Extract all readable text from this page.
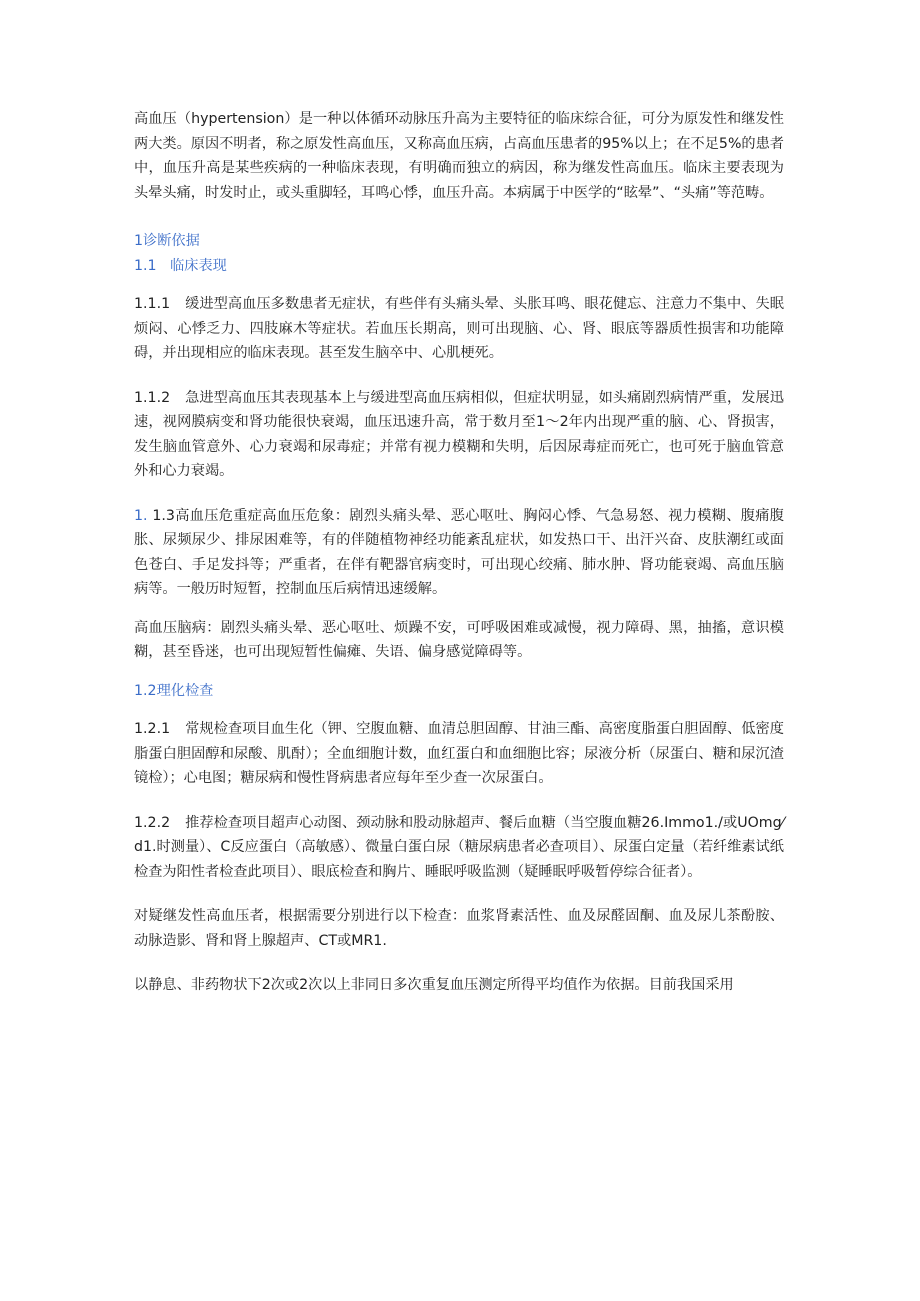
高血压（hypertension）是一种以体循环动脉压升高为主要特征的临床综合征，可分为原发性和继发性两大类。原因不明者，称之原发性高血压，又称高血压病，占高血压患者的95%以上；在不足5%的患者中，血压升高是某些疾病的一种临床表现，有明确而独立的病因，称为继发性高血压。临床主要表现为头晕头痛，时发时止，或头重脚轻，耳鸣心悸，血压升高。本病属于中医学的“眩晕”、“头痛”等范畴。

1诊断依据

1.1   临床表现

1.1.1 缓进型高血压多数患者无症状，有些伴有头痛头晕、头胀耳鸣、眼花健忘、注意力不集中、失眠烦闷、心悸乏力、四肢麻木等症状。若血压长期高，则可出现脑、心、肾、眼底等器质性损害和功能障碍，并出现相应的临床表现。甚至发生脑卒中、心肌梗死。

1.1.2 急进型高血压其表现基本上与缓进型高血压病相似，但症状明显，如头痛剧烈病情严重，发展迅速，视网膜病变和肾功能很快衰竭，血压迅速升高，常于数月至1〜2年内出现严重的脑、心、肾损害，发生脑血管意外、心力衰竭和尿毒症；并常有视力模糊和失明，后因尿毒症而死亡，也可死于脑血管意外和心力衰竭。

1. 1.3高血压危重症高血压危象：剧烈头痛头晕、恶心呕吐、胸闷心悸、气急易怒、视力模糊、腹痛腹胀、尿频尿少、排尿困难等，有的伴随植物神经功能紊乱症状，如发热口干、出汗兴奋、皮肤潮红或面色苍白、手足发抖等；严重者，在伴有靶器官病变时，可出现心绞痛、肺水肿、肾功能衰竭、高血压脑病等。一般历时短暂，控制血压后病情迅速缓解。

高血压脑病：剧烈头痛头晕、恶心呕吐、烦躁不安，可呼吸困难或减慢，视力障碍、黑，抽搐，意识模糊，甚至昏迷，也可出现短暂性偏瘫、失语、偏身感觉障碍等。

1.2理化检查

1.2.1 常规检查项目血生化（钾、空腹血糖、血清总胆固醇、甘油三酯、高密度脂蛋白胆固醇、低密度脂蛋白胆固醇和尿酸、肌酎）；全血细胞计数，血红蛋白和血细胞比容；尿液分析（尿蛋白、糖和尿沉渣镜检）；心电图；糖尿病和慢性肾病患者应每年至少查一次尿蛋白。

1.2.2 推荐检查项目超声心动图、颈动脉和股动脉超声、餐后血糖（当空腹血糖26.Immo1./或UOmg⁄d1.时测量）、C反应蛋白（高敏感）、微量白蛋白尿（糖尿病患者必查项目）、尿蛋白定量（若纤维素试纸检查为阳性者检查此项目）、眼底检查和胸片、睡眠呼吸监测（疑睡眠呼吸暂停综合征者）。

对疑继发性高血压者，根据需要分别进行以下检查：血浆肾素活性、血及尿醛固酮、血及尿儿茶酚胺、动脉造影、肾和肾上腺超声、CT或MR1.

以静息、非药物状下2次或2次以上非同日多次重复血压测定所得平均值作为依据。目前我国采用
